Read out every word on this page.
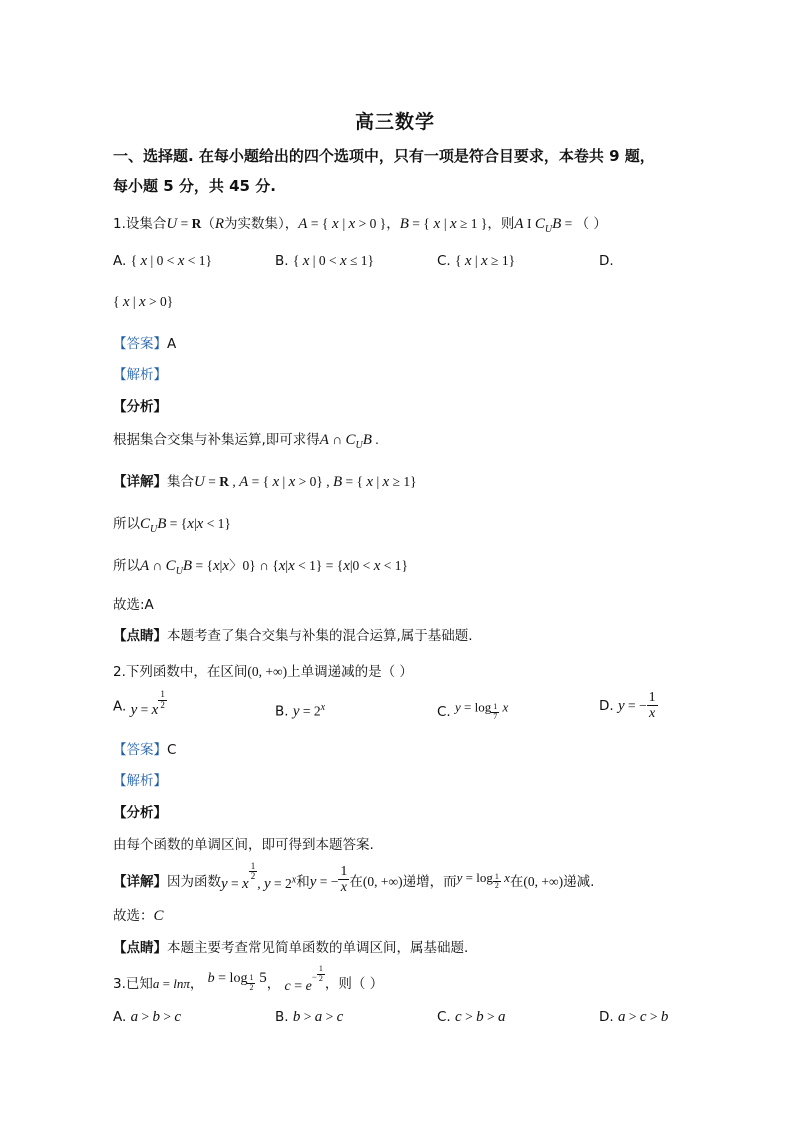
高三数学
一、选择题. 在每小题给出的四个选项中，只有一项是符合目要求，本卷共 9 题，
每小题 5 分，共 45 分.
1.设集合U = R（R为实数集），A = { x | x > 0 }，B = { x | x ≥ 1 }，则A I $C_UB$ = （ ）
A. { x | 0 < x < 1}	B. { x | 0 < x ≤ 1}	C. { x | x ≥ 1}	D.
{ x | x > 0}
【答案】A
【解析】
【分析】
根据集合交集与补集运算,即可求得A ∩ $C_UB$ .
【详解】集合U = R , A = { x | x > 0} , B = { x | x ≥ 1}
所以$C_UB = \{x|x < 1\}$
所以A ∩ $C_UB = \{x|x$〉0} ∩ {x|x < 1} = {x|0 < x < 1}
故选:A
【点睛】本题考查了集合交集与补集的混合运算,属于基础题.
2.下列函数中，在区间(0, +∞)上单调递减的是（ ）
A. y = x $\frac{1}{2}$
B. $y = 2^x$	C. $y = \log \frac{1}{7}$ x	D. y = − $\frac{1}{x}$
【答案】C
【解析】
【分析】
由每个函数的单调区间，即可得到本题答案.
【详解】因为函数y = x
$\frac{1}{2}$
, $y = 2^x$和y = − $\frac{1}{x}$ 在(0, +∞)递增，而$y = \log \frac{1}{2}$ x在(0, +∞)递减.
故选：C
【点睛】本题主要考查常见简单函数的单调区间，属基础题.
3.已知a = lnπ， $b = \log \frac{1}{2} 5$， $c = e- \frac{1}{2}$
，则（ ）
A. a > b > c	B. b > a > c	C. c > b > a	D. a > c > b
